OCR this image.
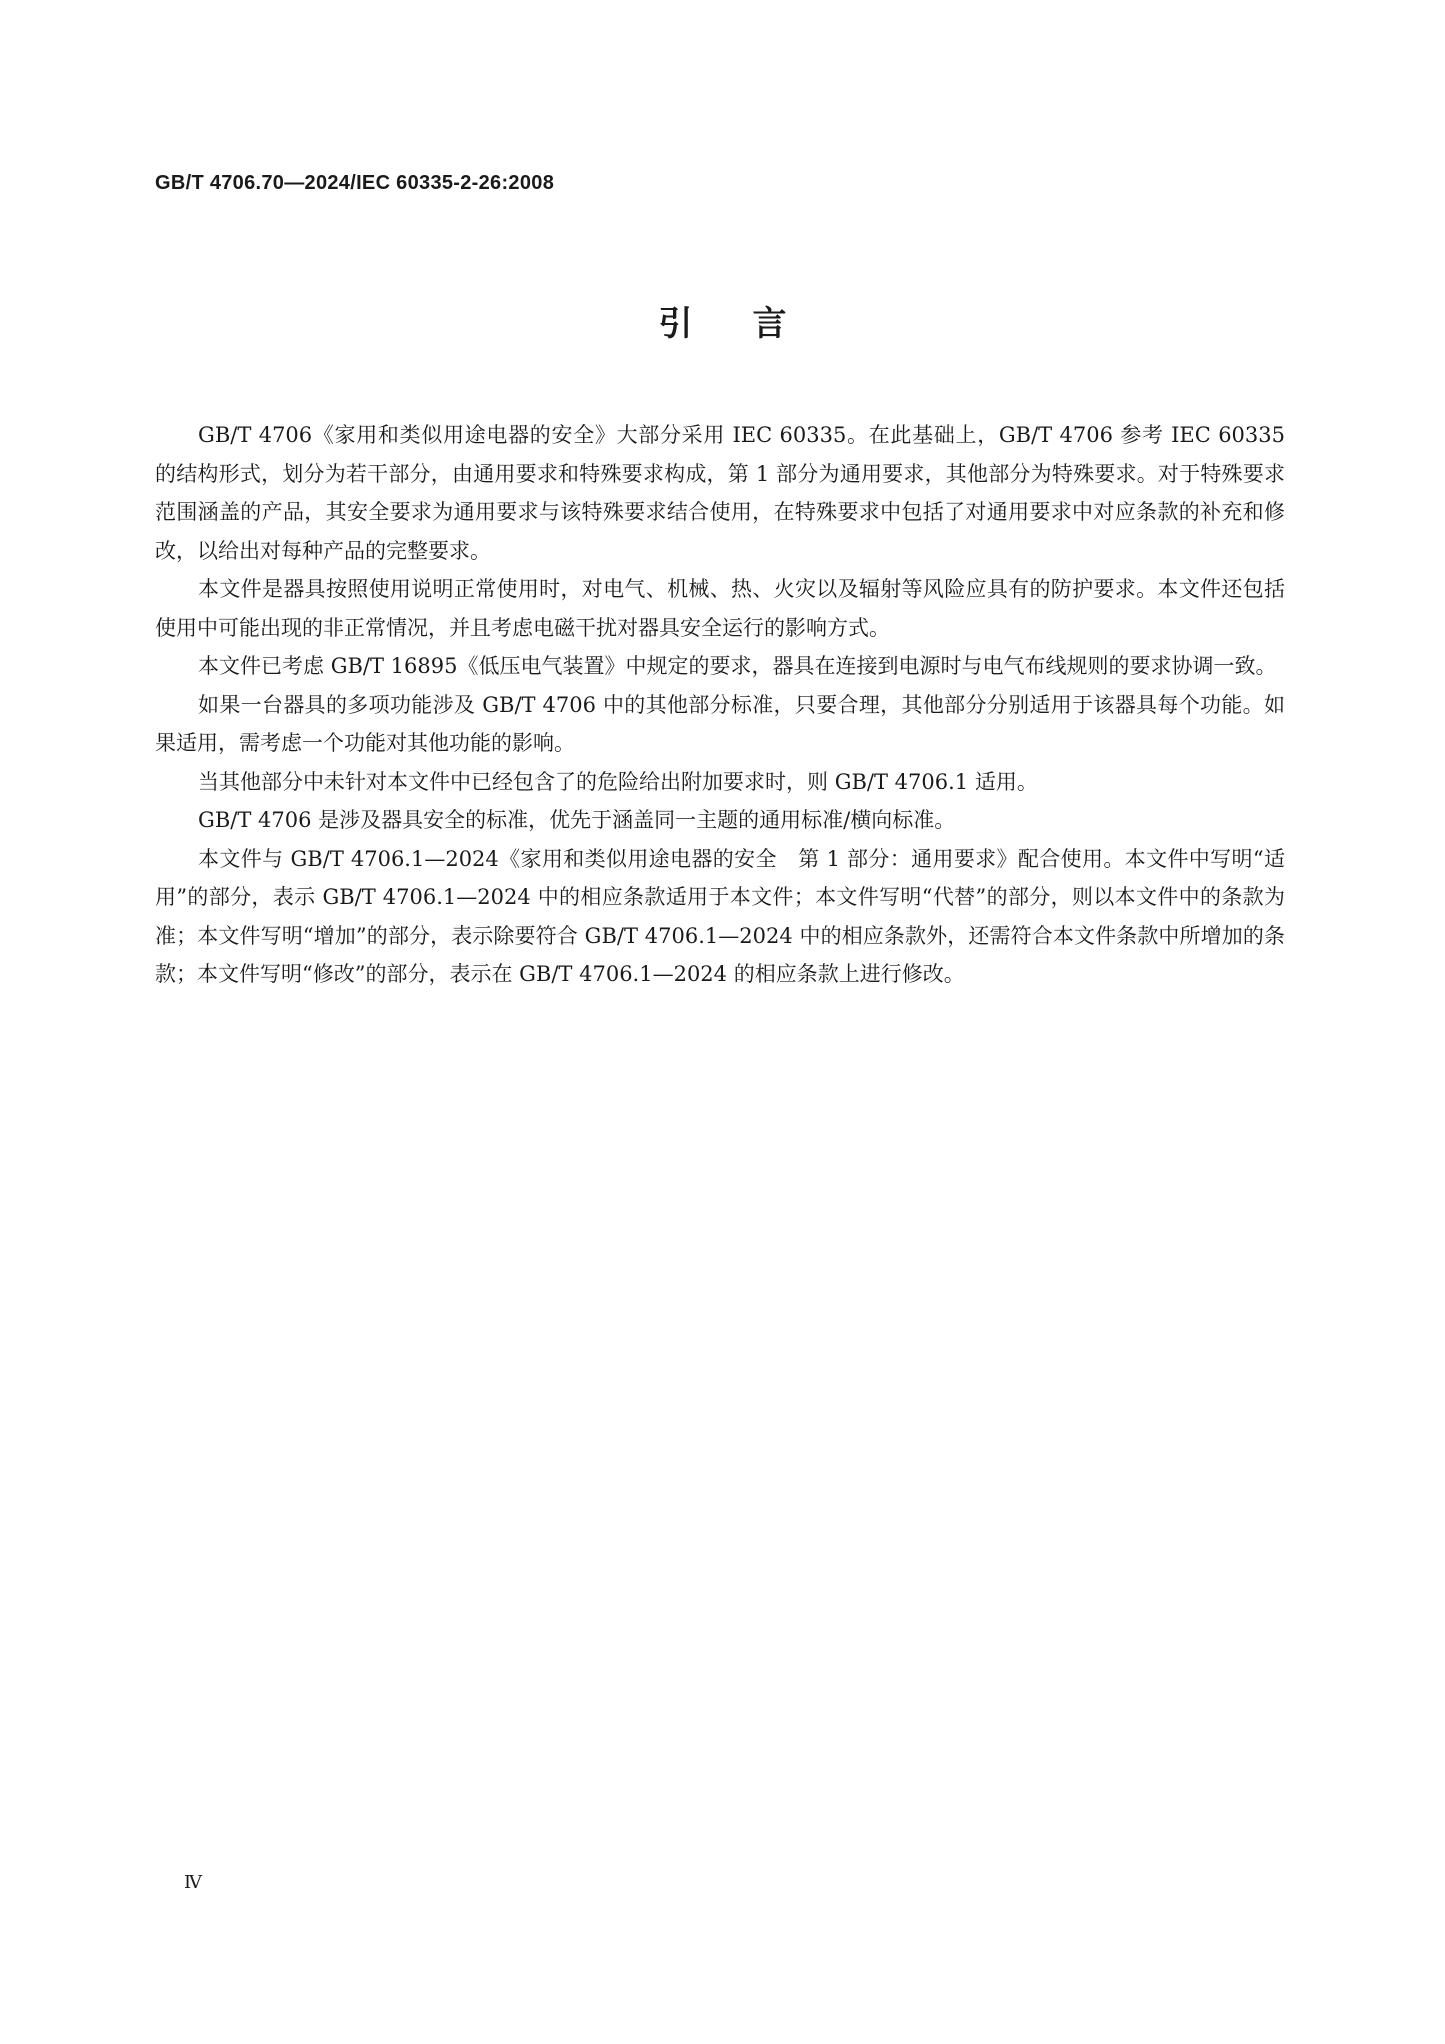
GB/T 4706.70—2024/IEC 60335-2-26:2008
引言

GB/T 4706《家用和类似用途电器的安全》大部分采用 IEC 60335。在此基础上，GB/T 4706 参考 IEC 60335 的结构形式，划分为若干部分，由通用要求和特殊要求构成，第 1 部分为通用要求，其他部分为特殊要求。对于特殊要求范围涵盖的产品，其安全要求为通用要求与该特殊要求结合使用，在特殊要求中包括了对通用要求中对应条款的补充和修改，以给出对每种产品的完整要求。

本文件是器具按照使用说明正常使用时，对电气、机械、热、火灾以及辐射等风险应具有的防护要求。本文件还包括使用中可能出现的非正常情况，并且考虑电磁干扰对器具安全运行的影响方式。

本文件已考虑 GB/T 16895《低压电气装置》中规定的要求，器具在连接到电源时与电气布线规则的要求协调一致。

如果一台器具的多项功能涉及 GB/T 4706 中的其他部分标准，只要合理，其他部分分别适用于该器具每个功能。如果适用，需考虑一个功能对其他功能的影响。

当其他部分中未针对本文件中已经包含了的危险给出附加要求时，则 GB/T 4706.1 适用。

GB/T 4706 是涉及器具安全的标准，优先于涵盖同一主题的通用标准/横向标准。

本文件与 GB/T 4706.1—2024《家用和类似用途电器的安全　第 1 部分：通用要求》配合使用。本文件中写明“适用”的部分，表示 GB/T 4706.1—2024 中的相应条款适用于本文件；本文件写明“代替”的部分，则以本文件中的条款为准；本文件写明“增加”的部分，表示除要符合 GB/T 4706.1—2024 中的相应条款外，还需符合本文件条款中所增加的条款；本文件写明“修改”的部分，表示在 GB/T 4706.1—2024 的相应条款上进行修改。

Ⅳ
